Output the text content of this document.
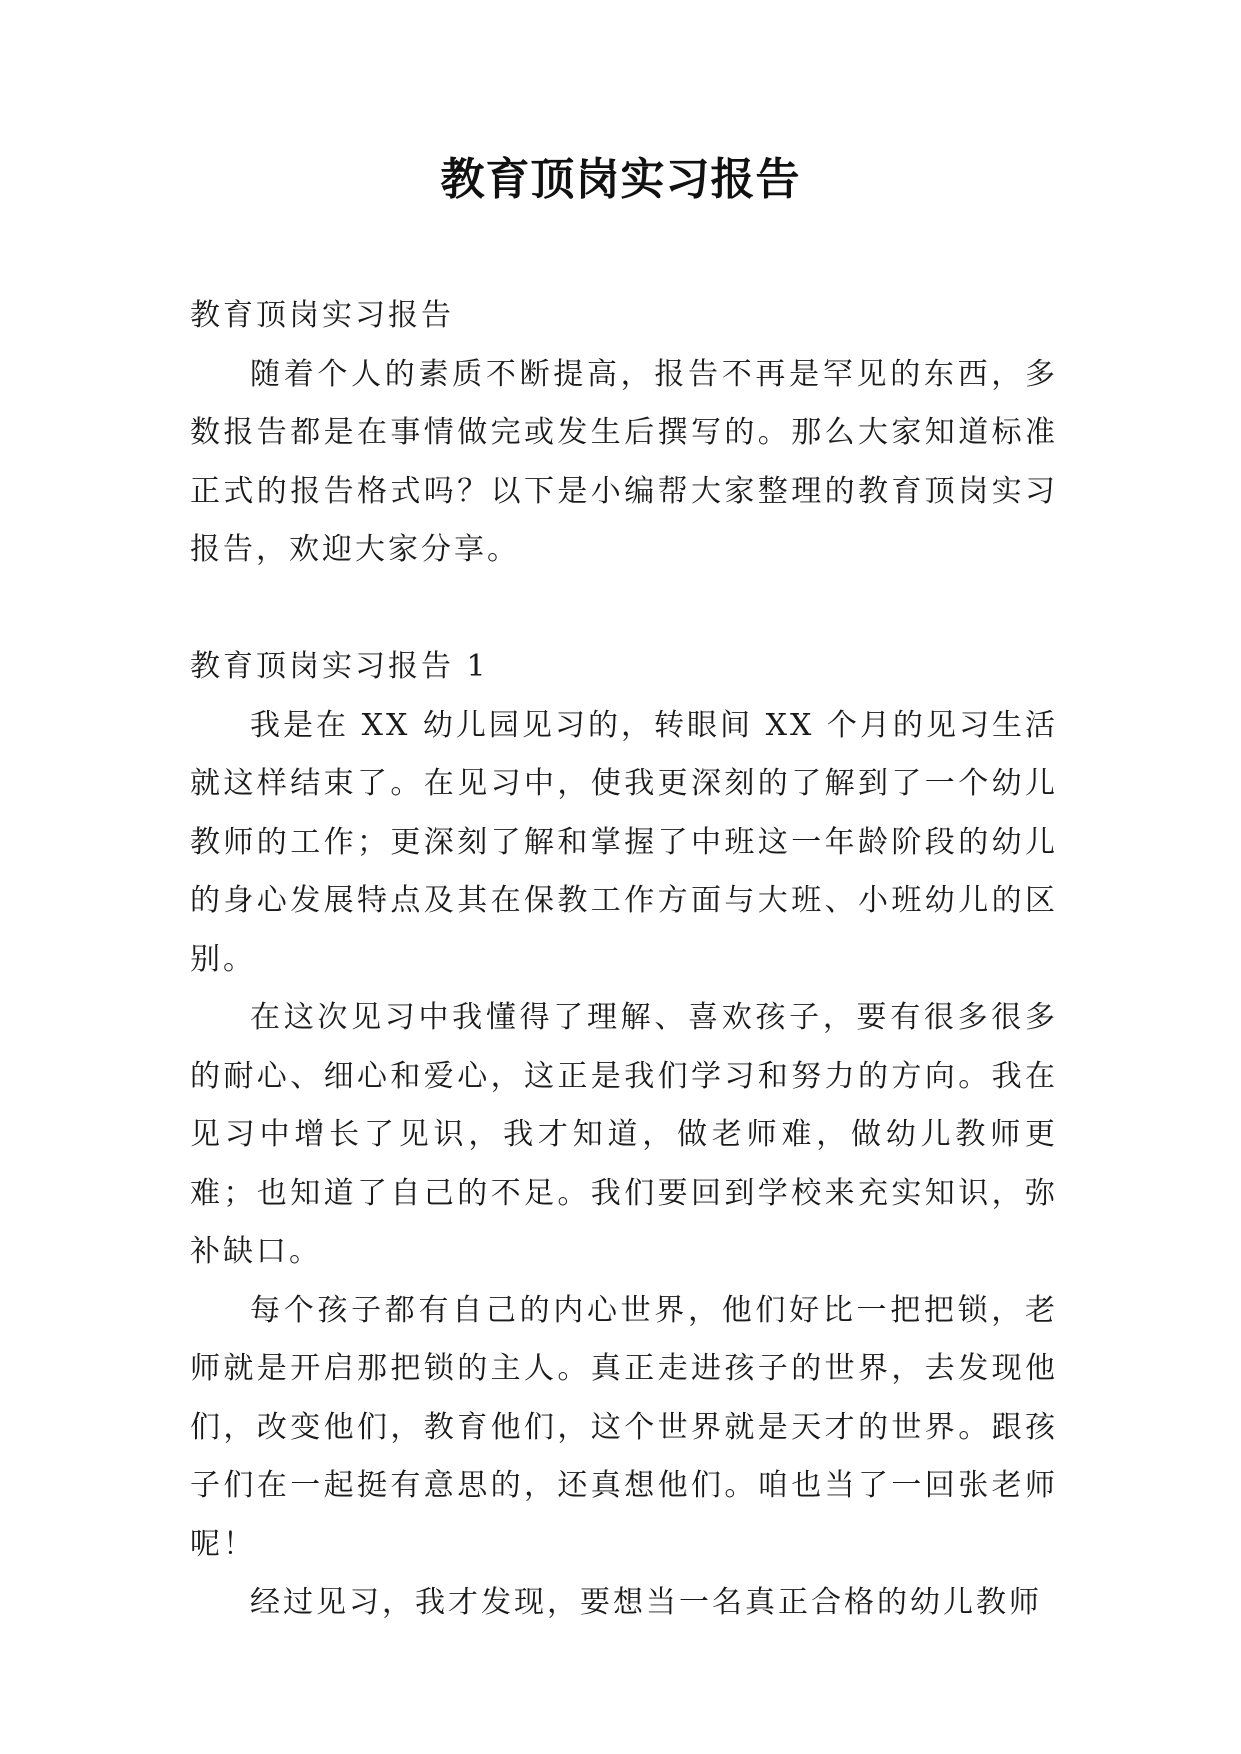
教育顶岗实习报告

教育顶岗实习报告

随着个人的素质不断提高，报告不再是罕见的东西，多数报告都是在事情做完或发生后撰写的。那么大家知道标准正式的报告格式吗？以下是小编帮大家整理的教育顶岗实习报告，欢迎大家分享。

教育顶岗实习报告 1

我是在 XX 幼儿园见习的，转眼间 XX 个月的见习生活就这样结束了。在见习中，使我更深刻的了解到了一个幼儿教师的工作；更深刻了解和掌握了中班这一年龄阶段的幼儿的身心发展特点及其在保教工作方面与大班、小班幼儿的区别。

在这次见习中我懂得了理解、喜欢孩子，要有很多很多的耐心、细心和爱心，这正是我们学习和努力的方向。我在见习中增长了见识，我才知道，做老师难，做幼儿教师更难；也知道了自己的不足。我们要回到学校来充实知识，弥补缺口。

每个孩子都有自己的内心世界，他们好比一把把锁，老师就是开启那把锁的主人。真正走进孩子的世界，去发现他们，改变他们，教育他们，这个世界就是天才的世界。跟孩子们在一起挺有意思的，还真想他们。咱也当了一回张老师呢！

经过见习，我才发现，要想当一名真正合格的幼儿教师
